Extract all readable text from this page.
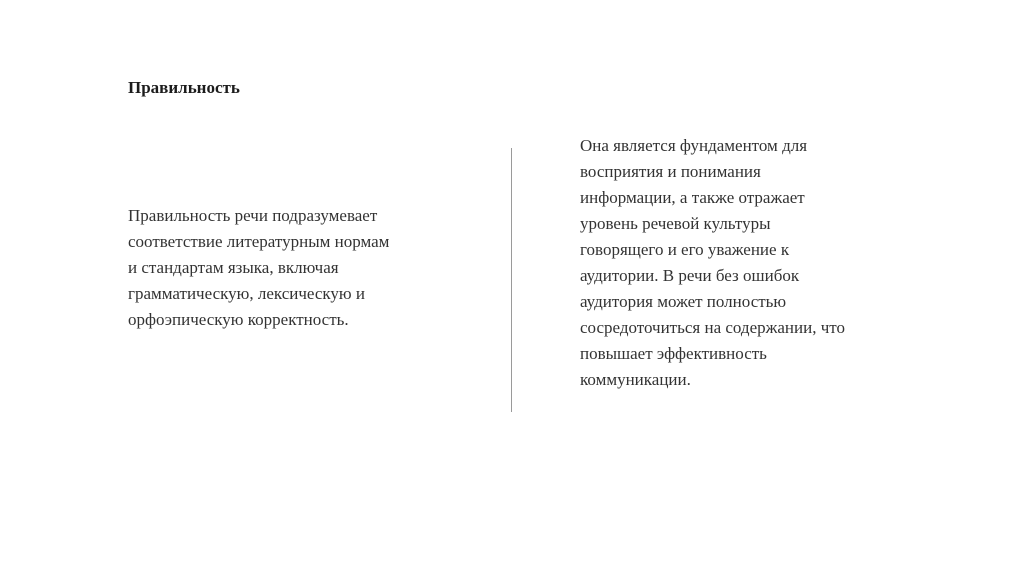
Правильность
Правильность речи подразумевает
соответствие литературным нормам
и стандартам языка, включая
грамматическую, лексическую и
орфоэпическую корректность.
Она является фундаментом для
восприятия и понимания
информации, а также отражает
уровень речевой культуры
говорящего и его уважение к
аудитории. В речи без ошибок
аудитория может полностью
сосредоточиться на содержании, что
повышает эффективность
коммуникации.
